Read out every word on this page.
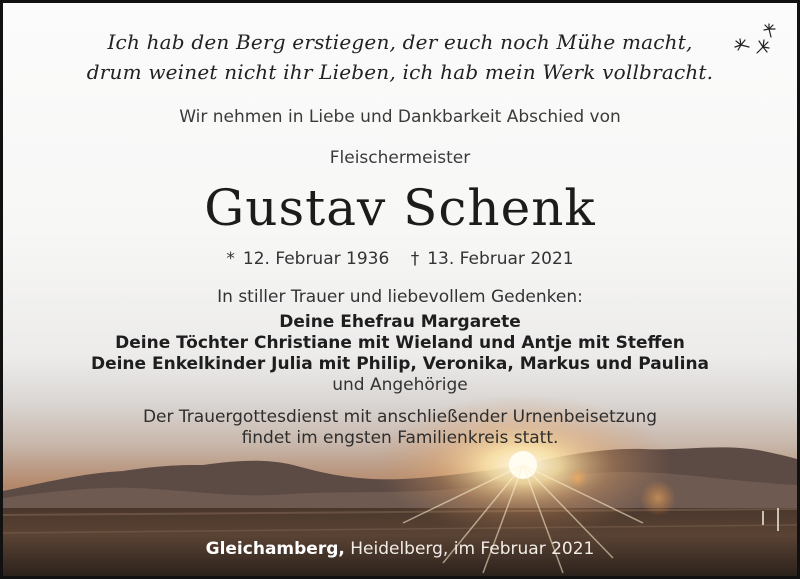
Ich hab den Berg erstiegen, der euch noch Mühe macht,
drum weinet nicht ihr Lieben, ich hab mein Werk vollbracht.
Wir nehmen in Liebe und Dankbarkeit Abschied von
Fleischermeister
Gustav Schenk
* 12. Februar 1936 † 13. Februar 2021
In stiller Trauer und liebevollem Gedenken:
Deine Ehefrau Margarete
Deine Töchter Christiane mit Wieland und Antje mit Steffen
Deine Enkelkinder Julia mit Philip, Veronika, Markus und Paulina
und Angehörige
Der Trauergottesdienst mit anschließender Urnenbeisetzung
findet im engsten Familienkreis statt.
Gleichamberg, Heidelberg, im Februar 2021
